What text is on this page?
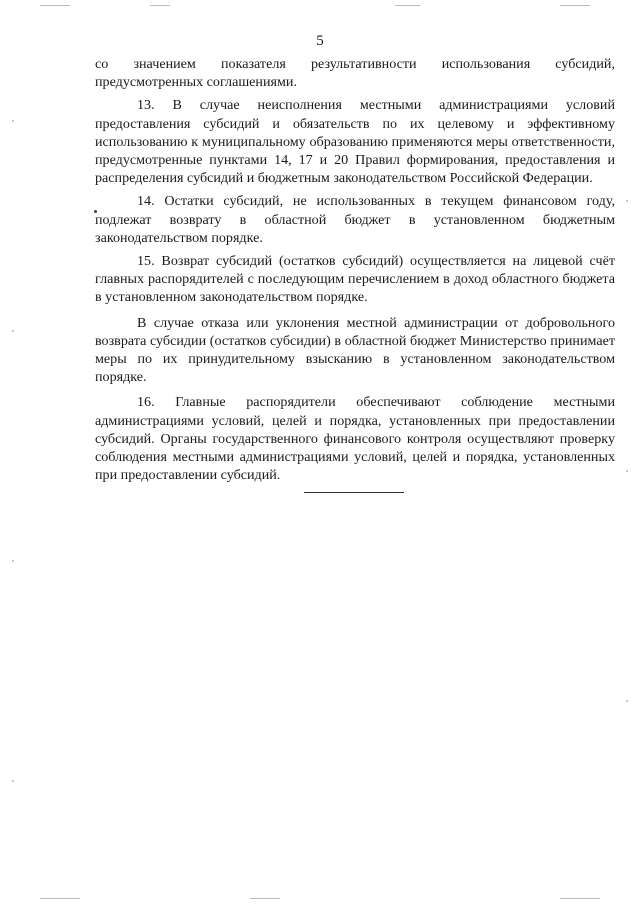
5

со значением показателя результативности использования субсидий, предусмотренных соглашениями.

13. В случае неисполнения местными администрациями условий предоставления субсидий и обязательств по их целевому и эффективному использованию к муниципальному образованию применяются меры ответственности, предусмотренные пунктами 14, 17 и 20 Правил формирования, предоставления и распределения субсидий и бюджетным законодательством Российской Федерации.

14. Остатки субсидий, не использованных в текущем финансовом году, подлежат возврату в областной бюджет в установленном бюджетным законодательством порядке.

15. Возврат субсидий (остатков субсидий) осуществляется на лицевой счёт главных распорядителей с последующим перечислением в доход областного бюджета в установленном законодательством порядке.

В случае отказа или уклонения местной администрации от добровольного возврата субсидии (остатков субсидии) в областной бюджет Министерство принимает меры по их принудительному взысканию в установленном законодательством порядке.

16. Главные распорядители обеспечивают соблюдение местными администрациями условий, целей и порядка, установленных при предоставлении субсидий. Органы государственного финансового контроля осуществляют проверку соблюдения местными администрациями условий, целей и порядка, установленных при предоставлении субсидий.
